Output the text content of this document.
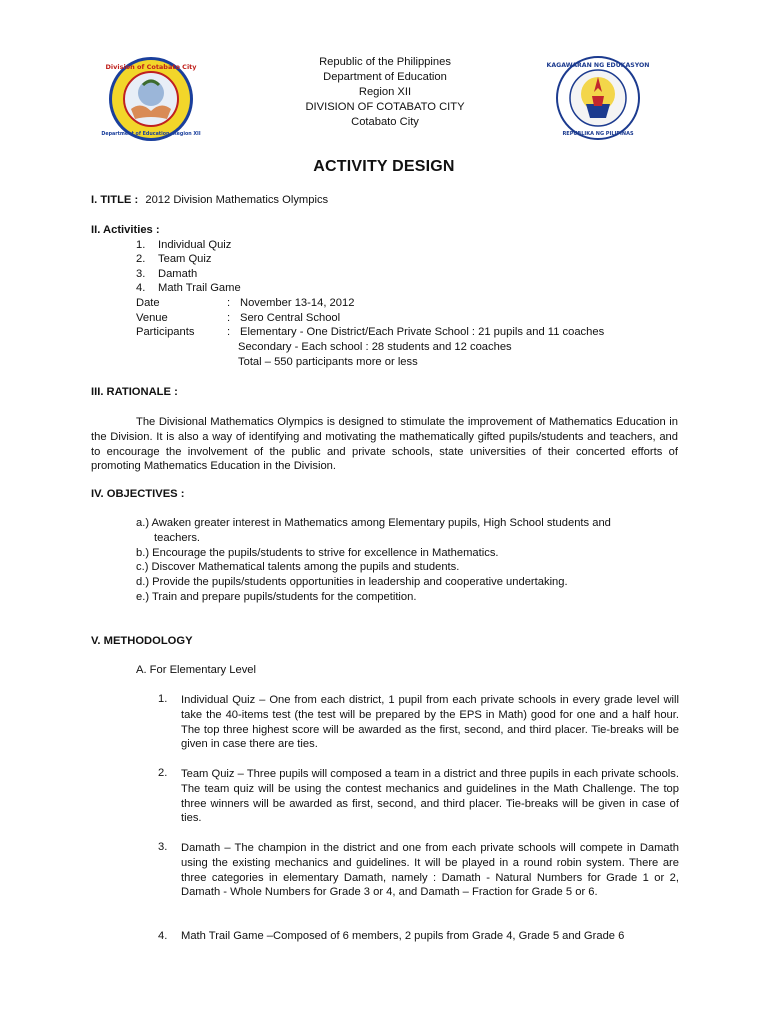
Division of Cotabato City
Department of Education, Region XII
KAGAWARAN NG EDUKASYON
REPUBLIKA NG PILIPINAS
Republic of the Philippines
Department of Education
Region XII
DIVISION OF COTABATO CITY
Cotabato City
ACTIVITY DESIGN
I. TITLE : 2012 Division Mathematics Olympics
II. Activities :
1. Individual Quiz
2. Team Quiz
3. Damath
4. Math Trail Game
Date	: November 13-14, 2012
Venue	: Sero Central School
Participants	: Elementary - One District/Each Private School : 21 pupils and 11 coaches
Secondary - Each school : 28 students and 12 coaches
Total – 550 participants more or less
III. RATIONALE :
The Divisional Mathematics Olympics is designed to stimulate the improvement of Mathematics Education in the Division. It is also a way of identifying and motivating the mathematically gifted pupils/students and teachers, and to encourage the involvement of the public and private schools, state universities of their concerted efforts of promoting Mathematics Education in the Division.
IV. OBJECTIVES :
a.) Awaken greater interest in Mathematics among Elementary pupils, High School students and
teachers.
b.) Encourage the pupils/students to strive for excellence in Mathematics.
c.) Discover Mathematical talents among the pupils and students.
d.) Provide the pupils/students opportunities in leadership and cooperative undertaking.
e.) Train and prepare pupils/students for the competition.
V. METHODOLOGY
A. For Elementary Level
1. Individual Quiz – One from each district, 1 pupil from each private schools in every grade level will take the 40-items test (the test will be prepared by the EPS in Math) good for one and a half hour. The top three highest score will be awarded as the first, second, and third placer. Tie-breaks will be given in case there are ties.
2. Team Quiz – Three pupils will composed a team in a district and three pupils in each private schools. The team quiz will be using the contest mechanics and guidelines in the Math Challenge. The top three winners will be awarded as first, second, and third placer. Tie-breaks will be given in case of ties.
3. Damath – The champion in the district and one from each private schools will compete in Damath using the existing mechanics and guidelines. It will be played in a round robin system. There are three categories in elementary Damath, namely : Damath - Natural Numbers for Grade 1 or 2, Damath - Whole Numbers for Grade 3 or 4, and Damath – Fraction for Grade 5 or 6.
4. Math Trail Game –Composed of 6 members, 2 pupils from Grade 4, Grade 5 and Grade 6
